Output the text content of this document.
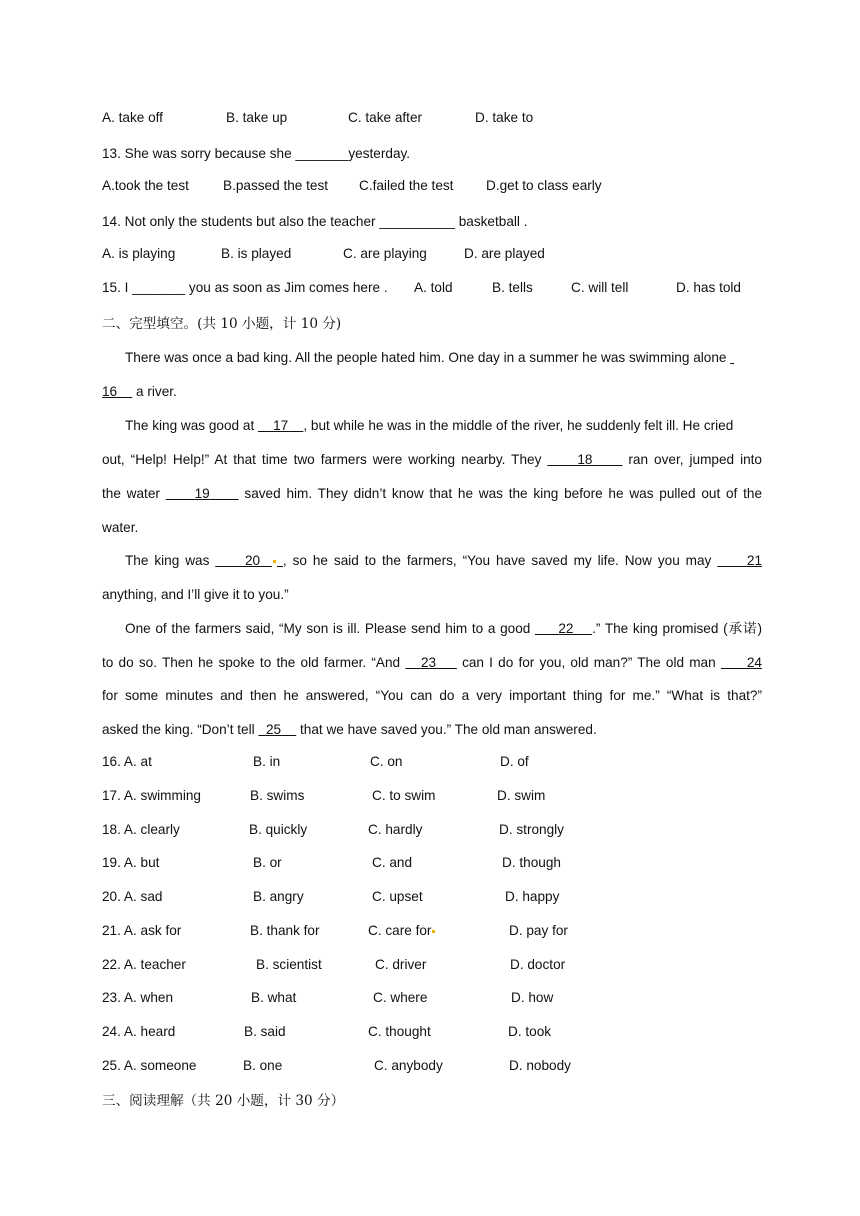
A. take off	B. take up	C. take after	D. take to
13. She was sorry because she _______yesterday.
A.took the test	B.passed the test C.failed the test D.get to class early
14. Not only the students but also the teacher __________ basketball .
A. is playing	B. is played	C. are playing	D. are played
15. I _______ you as soon as Jim comes here . A. told	B. tells	C. will tell	D. has told
二、完型填空。(共 10 小题，计 10 分)
There was once a bad king. All the people hated him. One day in a summer he was swimming alone
16 a river.
The king was good at 17 , but while he was in the middle of the river, he suddenly felt ill. He cried
out, “Help! Help!” At that time two farmers were working nearby. They	18	ran over, jumped into
the water	19	saved him. They didn’t know that he was the king before he was pulled out of the
water.
The king was	20 , so he said to the farmers, “You have saved my life. Now you may	21
anything, and I’ll give it to you.”
One of the farmers said, “My son is ill. Please send him to a good 22 .” The king promised (承诺)
to do so. Then he spoke to the old farmer. “And 23 can I do for you, old man?” The old man 24
for some minutes and then he answered, “You can do a very important thing for me.” “What is that?”
asked the king. “Don’t tell 25 that we have saved you.” The old man answered.
16. A. at	B. in	C. on	D. of
17. A. swimming	B. swims	C. to swim	D. swim
18. A. clearly	B. quickly	C. hardly	D. strongly
19. A. but	B. or	C. and	D. though
20. A. sad	B. angry	C. upset	D. happy
21. A. ask for	B. thank for	C. care for	D. pay for
22. A. teacher	B. scientist	C. driver	D. doctor
23. A. when	B. what	C. where	D. how
24. A. heard	B. said	C. thought	D. took
25. A. someone	B. one	C. anybody	D. nobody
三、阅读理解（共 20 小题，计 30 分）
